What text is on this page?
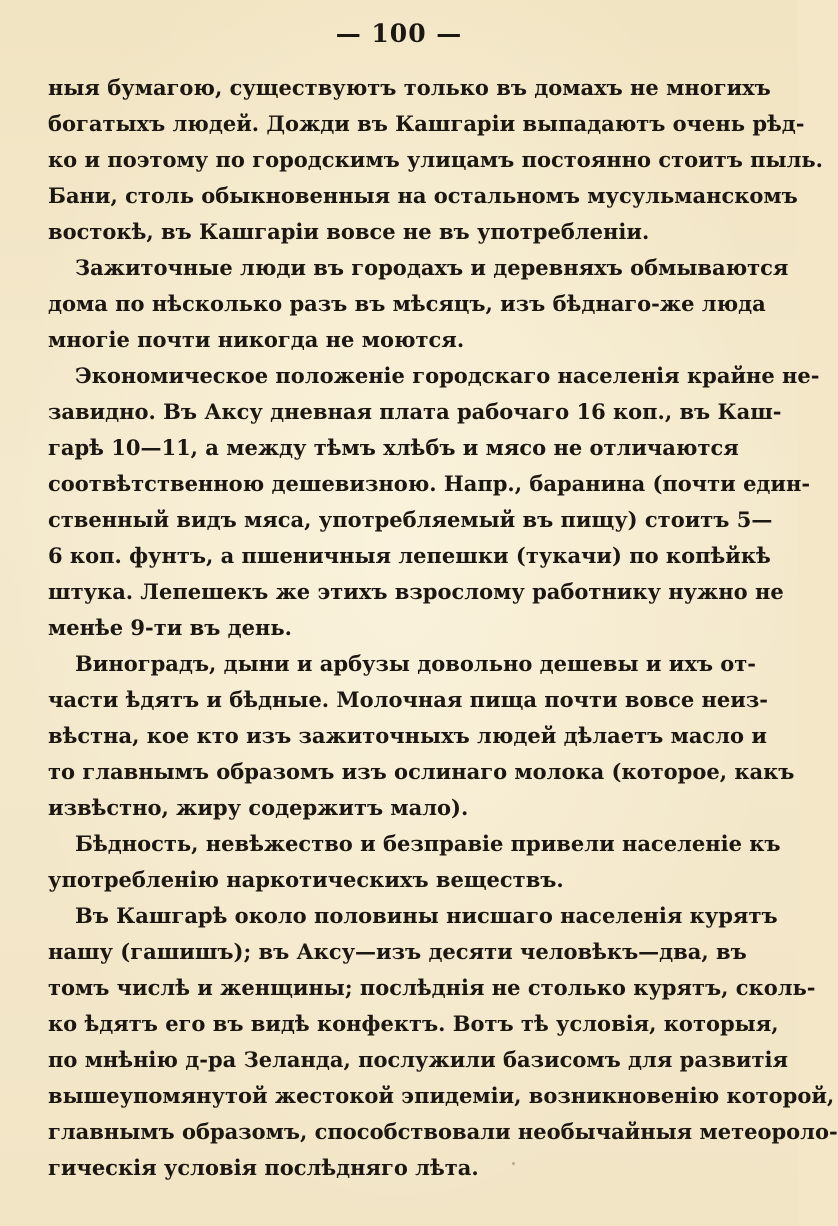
— 100 —
ныя бумагою, существуютъ только въ домахъ не многихъ
богатыхъ людей. Дожди въ Кашгаріи выпадаютъ очень рѣд-
ко и поэтому по городскимъ улицамъ постоянно стоитъ пыль.
Бани, столь обыкновенныя на остальномъ мусульманскомъ
востокѣ, въ Кашгаріи вовсе не въ употребленіи.
Зажиточные люди въ городахъ и деревняхъ обмываются
дома по нѣсколько разъ въ мѣсяцъ, изъ бѣднаго-же люда
многіе почти никогда не моются.
Экономическое положеніе городскаго населенія крайне не-
завидно. Въ Аксу дневная плата рабочаго 16 коп., въ Каш-
гарѣ 10—11, а между тѣмъ хлѣбъ и мясо не отличаются
соотвѣтственною дешевизною. Напр., баранина (почти един-
ственный видъ мяса, употребляемый въ пищу) стоитъ 5—
6 коп. фунтъ, а пшеничныя лепешки (тукачи) по копѣйкѣ
штука. Лепешекъ же этихъ взрослому работнику нужно не
менѣе 9-ти въ день.
Виноградъ, дыни и арбузы довольно дешевы и ихъ от-
части ѣдятъ и бѣдные. Молочная пища почти вовсе неиз-
вѣстна, кое кто изъ зажиточныхъ людей дѣлаетъ масло и
то главнымъ образомъ изъ ослинаго молока (которое, какъ
извѣстно, жиру содержитъ мало).
Бѣдность, невѣжество и безправіе привели населеніе къ
употребленію наркотическихъ веществъ.
Въ Кашгарѣ около половины нисшаго населенія курятъ
нашу (гашишъ); въ Аксу—изъ десяти человѣкъ—два, въ
томъ числѣ и женщины; послѣднія не столько курятъ, сколь-
ко ѣдятъ его въ видѣ конфектъ. Вотъ тѣ условія, которыя,
по мнѣнію д-ра Зеланда, послужили базисомъ для развитія
вышеупомянутой жестокой эпидеміи, возникновенію которой,
главнымъ образомъ, способствовали необычайныя метеороло-
гическія условія послѣдняго лѣта.
